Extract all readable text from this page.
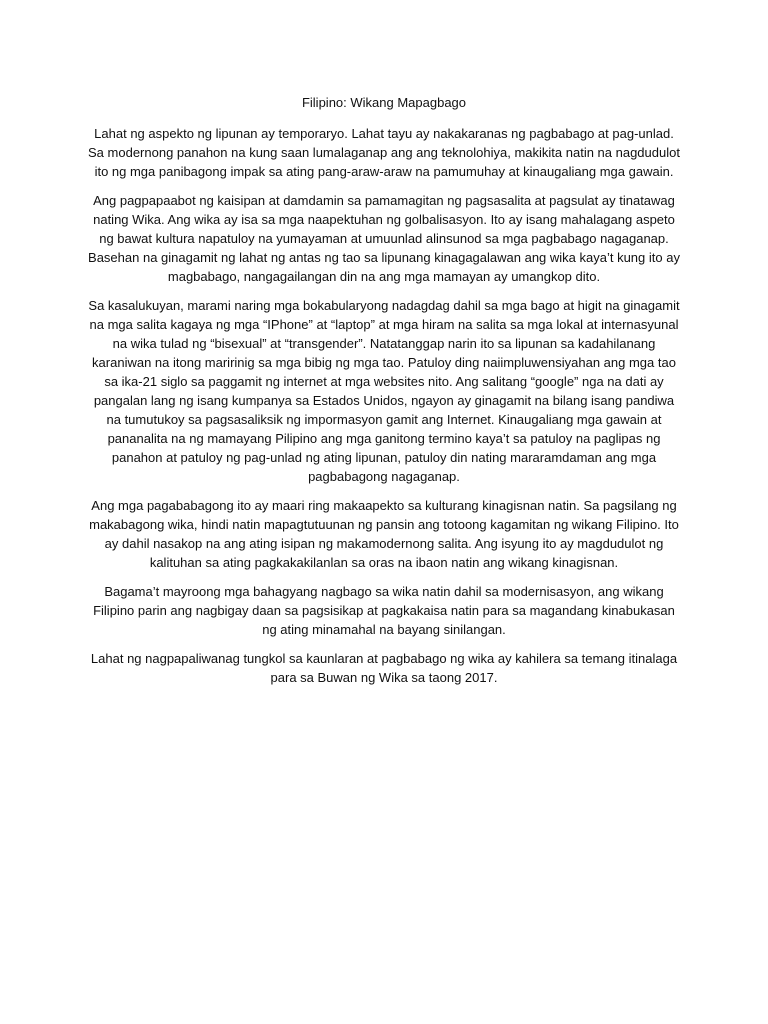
Filipino: Wikang Mapagbago

Lahat ng aspekto ng lipunan ay temporaryo. Lahat tayu ay nakakaranas ng pagbabago at pag-unlad. Sa modernong panahon na kung saan lumalaganap ang ang teknolohiya, makikita natin na nagdudulot ito ng mga panibagong impak sa ating pang-araw-araw na pamumuhay at kinaugaliang mga gawain.

Ang pagpapaabot ng kaisipan at damdamin sa pamamagitan ng pagsasalita at pagsulat ay tinatawag nating Wika. Ang wika ay isa sa mga naapektuhan ng golbalisasyon. Ito ay isang mahalagang aspeto ng bawat kultura napatuloy na yumayaman at umuunlad alinsunod sa mga pagbabago nagaganap. Basehan na ginagamit ng lahat ng antas ng tao sa lipunang kinagagalawan ang wika kaya’t kung ito ay magbabago, nangagailangan din na ang mga mamayan ay umangkop dito.

Sa kasalukuyan, marami naring mga bokabularyong nadagdag dahil sa mga bago at higit na ginagamit na mga salita kagaya ng mga “IPhone” at “laptop” at mga hiram na salita sa mga lokal at internasyunal na wika tulad ng “bisexual” at “transgender”. Natatanggap narin ito sa lipunan sa kadahilanang karaniwan na itong maririnig sa mga bibig ng mga tao. Patuloy ding naiimpluwensiyahan ang mga tao sa ika-21 siglo sa paggamit ng internet at mga websites nito. Ang salitang “google” nga na dati ay pangalan lang ng isang kumpanya sa Estados Unidos, ngayon ay ginagamit na bilang isang pandiwa na tumutukoy sa pagsasaliksik ng impormasyon gamit ang Internet. Kinaugaliang mga gawain at pananalita na ng mamayang Pilipino ang mga ganitong termino kaya’t sa patuloy na paglipas ng panahon at patuloy ng pag-unlad ng ating lipunan, patuloy din nating mararamdaman ang mga pagbabagong nagaganap.

Ang mga pagababagong ito ay maari ring makaapekto sa kulturang kinagisnan natin. Sa pagsilang ng makabagong wika, hindi natin mapagtutuunan ng pansin ang totoong kagamitan ng wikang Filipino. Ito ay dahil nasakop na ang ating isipan ng makamodernong salita. Ang isyung ito ay magdudulot ng kalituhan sa ating pagkakakilanlan sa oras na ibaon natin ang wikang kinagisnan.

Bagama’t mayroong mga bahagyang nagbago sa wika natin dahil sa modernisasyon, ang wikang Filipino parin ang nagbigay daan sa pagsisikap at pagkakaisa natin para sa magandang kinabukasan ng ating minamahal na bayang sinilangan.

Lahat ng nagpapaliwanag tungkol sa kaunlaran at pagbabago ng wika ay kahilera sa temang itinalaga para sa Buwan ng Wika sa taong 2017.
